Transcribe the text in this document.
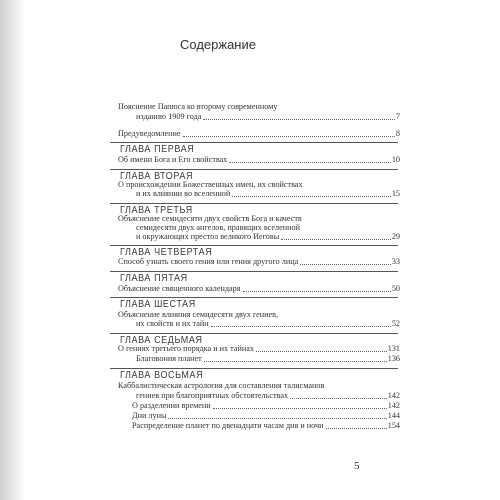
Содержание
Пояснение Папюса ко второму современному
изданию 1909 года	7
Предуведомление	8
ГЛАВА ПЕРВАЯ
Об имени Бога и Его свойствах	10
ГЛАВА ВТОРАЯ
О происхождении Божественных имен, их свойствах
и их влиянии во вселенной	15
ГЛАВА ТРЕТЬЯ
Объяснение семидесяти двух свойств Бога и качеств
семидесяти двух ангелов, правящих вселенной
и окружающих престол великого Иеговы	29
ГЛАВА ЧЕТВЕРТАЯ
Способ узнать своего гения или гения другого лица	33
ГЛАВА ПЯТАЯ
Объяснение священного календаря	50
ГЛАВА ШЕСТАЯ
Объяснение влияния семидесяти двух гениев,
их свойств и их тайн	52
ГЛАВА СЕДЬМАЯ
О гениях третьего порядка и их тайнах	131
Благовония планет	136
ГЛАВА ВОСЬМАЯ
Каббалистическая астрология для составления талисманов
гениев при благоприятных обстоятельствах	142
О разделении времени	142
Дни луны	144
Распределение планет по двенадцати часам дня и ночи	154
5
